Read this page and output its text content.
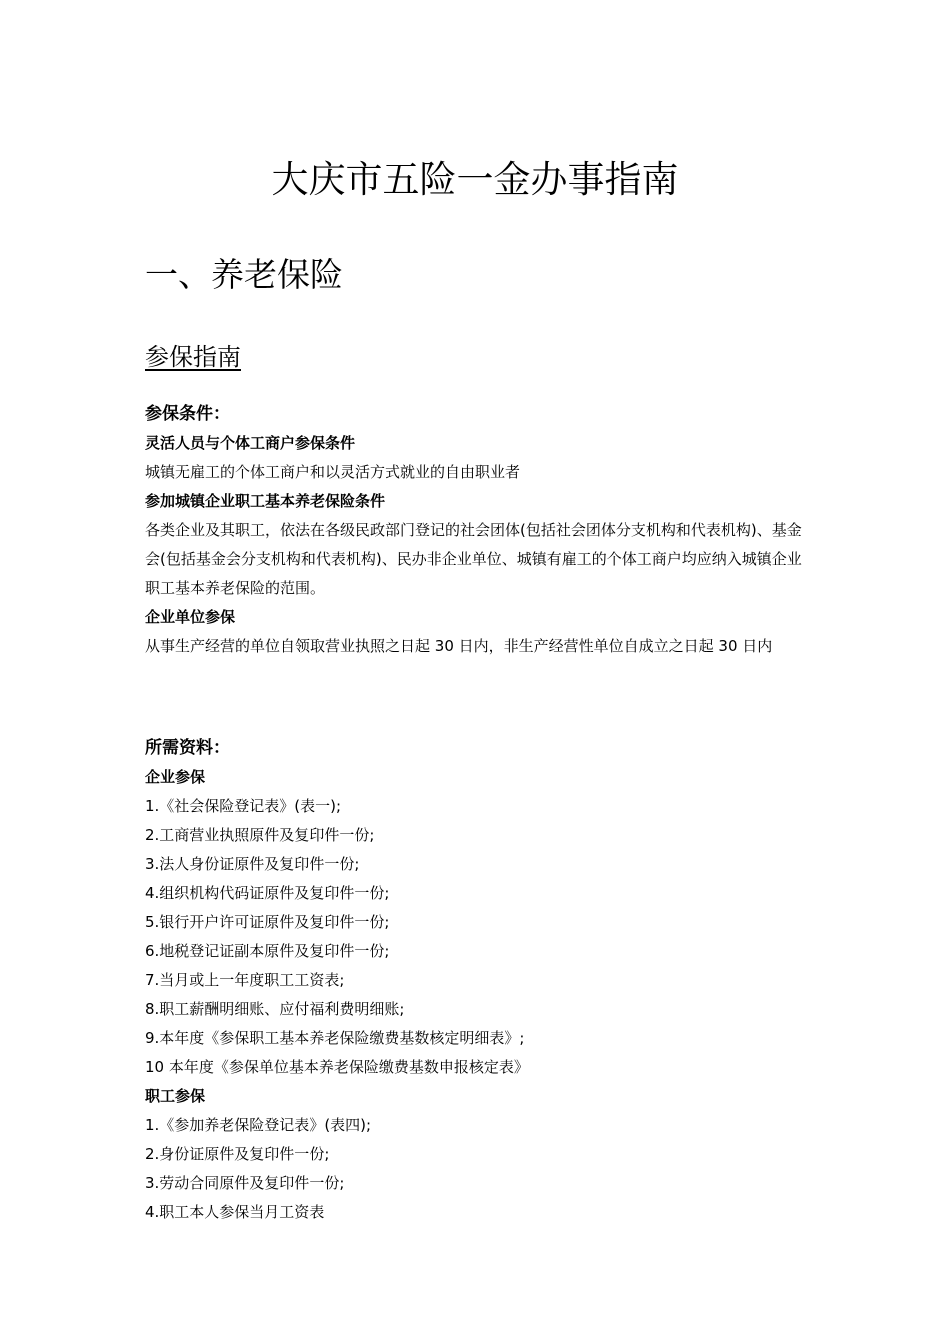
大庆市五险一金办事指南
一、养老保险
参保指南

参保条件：

灵活人员与个体工商户参保条件

城镇无雇工的个体工商户和以灵活方式就业的自由职业者

参加城镇企业职工基本养老保险条件

各类企业及其职工，依法在各级民政部门登记的社会团体(包括社会团体分支机构和代表机构)、基金会(包括基金会分支机构和代表机构)、民办非企业单位、城镇有雇工的个体工商户均应纳入城镇企业职工基本养老保险的范围。

企业单位参保

从事生产经营的单位自领取营业执照之日起 30 日内，非生产经营性单位自成立之日起 30 日内

所需资料：

企业参保

1.《社会保险登记表》(表一);

2.工商营业执照原件及复印件一份;

3.法人身份证原件及复印件一份;

4.组织机构代码证原件及复印件一份;

5.银行开户许可证原件及复印件一份;

6.地税登记证副本原件及复印件一份;

7.当月或上一年度职工工资表;

8.职工薪酬明细账、应付福利费明细账;

9.本年度《参保职工基本养老保险缴费基数核定明细表》;

10 本年度《参保单位基本养老保险缴费基数申报核定表》

职工参保

1.《参加养老保险登记表》(表四);

2.身份证原件及复印件一份;

3.劳动合同原件及复印件一份;

4.职工本人参保当月工资表
